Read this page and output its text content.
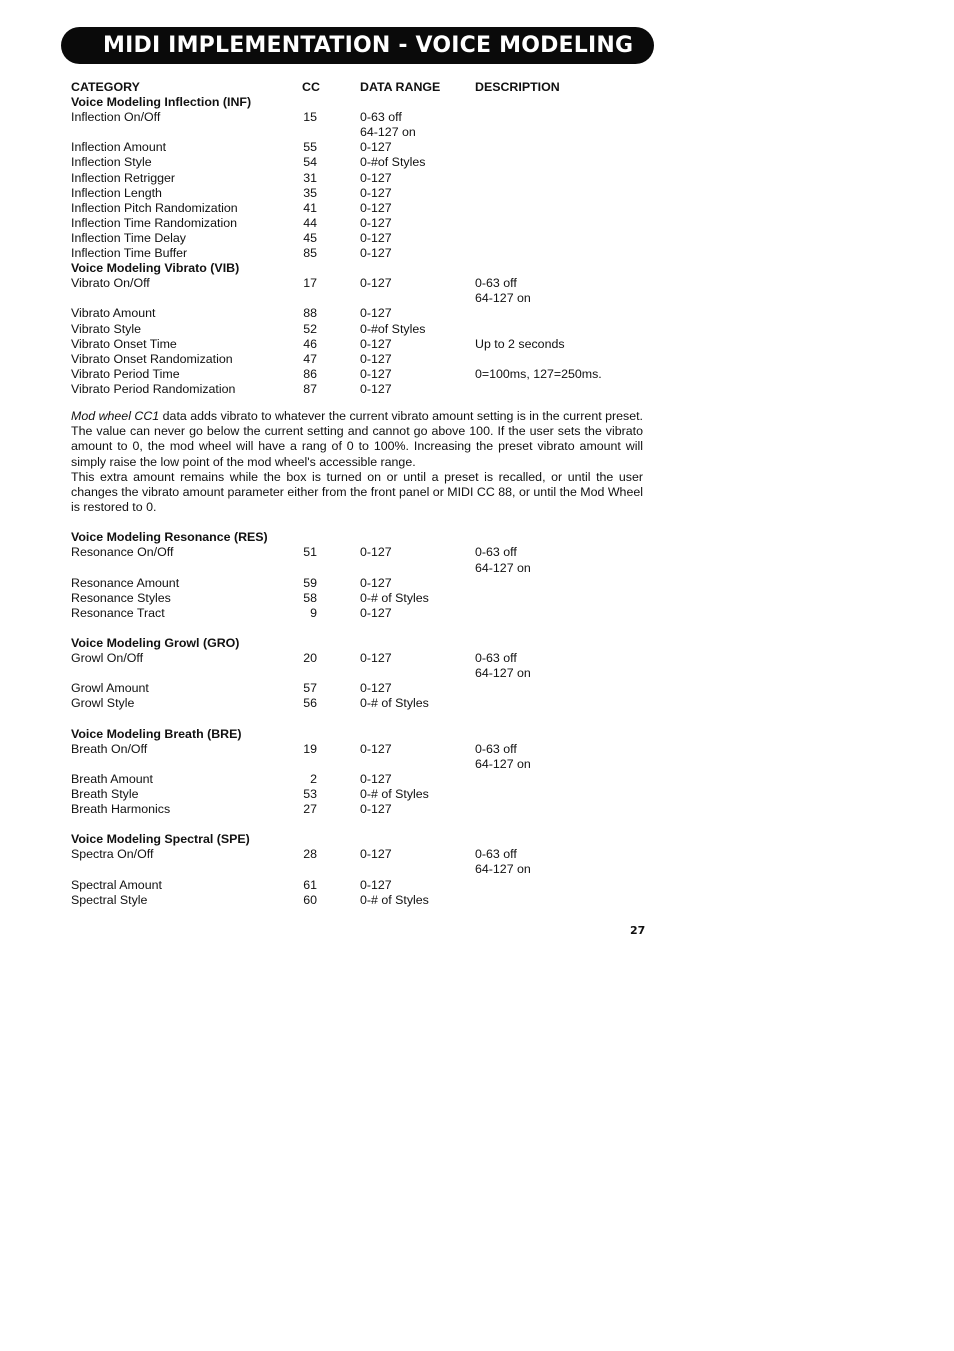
MIDI IMPLEMENTATION - VOICE MODELING
CATEGORY	CC	DATA RANGE	DESCRIPTION
Voice Modeling Inflection (INF)
Inflection On/Off	15	0-63 off
64-127 on
Inflection Amount	55	0-127
Inflection Style	54	0-#of Styles
Inflection Retrigger	31	0-127
Inflection Length	35	0-127
Inflection Pitch Randomization	41	0-127
Inflection Time Randomization	44	0-127
Inflection Time Delay	45	0-127
Inflection Time Buffer	85	0-127
Voice Modeling Vibrato (VIB)
Vibrato On/Off	17	0-127	0-63 off
64-127 on
Vibrato Amount	88	0-127
Vibrato Style	52	0-#of Styles
Vibrato Onset Time	46	0-127	Up to 2 seconds
Vibrato Onset Randomization	47	0-127
Vibrato Period Time	86	0-127	0=100ms, 127=250ms.
Vibrato Period Randomization	87	0-127

Mod wheel CC1 data adds vibrato to whatever the current vibrato amount setting is in the current preset. The value can never go below the current setting and cannot go above 100. If the user sets the vibrato amount to 0, the mod wheel will have a rang of 0 to 100%. Increasing the preset vibrato amount will simply raise the low point of the mod wheel's accessible range.

This extra amount remains while the box is turned on or until a preset is recalled, or until the user changes the vibrato amount parameter either from the front panel or MIDI CC 88, or until the Mod Wheel is restored to 0.

Voice Modeling Resonance (RES)
Resonance On/Off	51	0-127	0-63 off
64-127 on
Resonance Amount	59	0-127
Resonance Styles	58	0-# of Styles
Resonance Tract	9	0-127
Voice Modeling Growl (GRO)
Growl On/Off	20	0-127	0-63 off
64-127 on
Growl Amount	57	0-127
Growl Style	56	0-# of Styles
Voice Modeling Breath (BRE)
Breath On/Off	19	0-127	0-63 off
64-127 on
Breath Amount	2	0-127
Breath Style	53	0-# of Styles
Breath Harmonics	27	0-127
Voice Modeling Spectral (SPE)
Spectra On/Off	28	0-127	0-63 off
64-127 on
Spectral Amount	61	0-127
Spectral Style	60	0-# of Styles
27
